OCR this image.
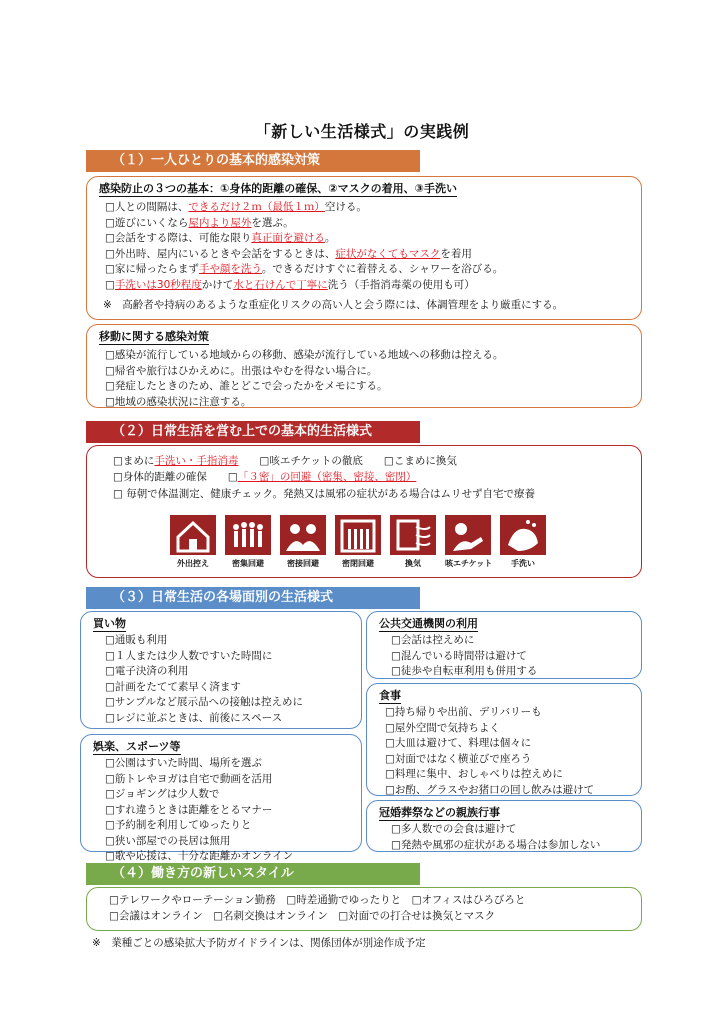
「新しい生活様式」の実践例
（１）一人ひとりの基本的感染対策
感染防止の３つの基本：①身体的距離の確保、②マスクの着用、③手洗い
□人との間隔は、できるだけ２ｍ（最低１ｍ）空ける。
□遊びにいくなら屋内より屋外を選ぶ。
□会話をする際は、可能な限り真正面を避ける。
□外出時、屋内にいるときや会話をするときは、症状がなくてもマスクを着用
□家に帰ったらまず手や顔を洗う。できるだけすぐに着替える、シャワーを浴びる。
□手洗いは30秒程度かけて水と石けんで丁寧に洗う（手指消毒薬の使用も可）
※　高齢者や持病のあるような重症化リスクの高い人と会う際には、体調管理をより厳重にする。
移動に関する感染対策
□感染が流行している地域からの移動、感染が流行している地域への移動は控える。
□帰省や旅行はひかえめに。出張はやむを得ない場合に。
□発症したときのため、誰とどこで会ったかをメモにする。
□地域の感染状況に注意する。
（２）日常生活を営む上での基本的生活様式
□まめに手洗い・手指消毒　　□咳エチケットの徹底　　□こまめに換気
□身体的距離の確保　　□「３密」の回避（密集、密接、密閉）
□ 毎朝で体温測定、健康チェック。発熱又は風邪の症状がある場合はムリせず自宅で療養
外出控え	密集回避	密接回避	密閉回避	換気	咳エチケット	手洗い
（３）日常生活の各場面別の生活様式
買い物
□通販も利用
□１人または少人数ですいた時間に
□電子決済の利用
□計画をたてて素早く済ます
□サンプルなど展示品への接触は控えめに
□レジに並ぶときは、前後にスペース
娯楽、スポーツ等
□公園はすいた時間、場所を選ぶ
□筋トレやヨガは自宅で動画を活用
□ジョギングは少人数で
□すれ違うときは距離をとるマナー
□予約制を利用してゆったりと
□狭い部屋での長居は無用
□歌や応援は、十分な距離かオンライン
公共交通機関の利用
□会話は控えめに
□混んでいる時間帯は避けて
□徒歩や自転車利用も併用する
食事
□持ち帰りや出前、デリバリーも
□屋外空間で気持ちよく
□大皿は避けて、料理は個々に
□対面ではなく横並びで座ろう
□料理に集中、おしゃべりは控えめに
□お酌、グラスやお猪口の回し飲みは避けて
冠婚葬祭などの親族行事
□多人数での会食は避けて
□発熱や風邪の症状がある場合は参加しない
（４）働き方の新しいスタイル
□テレワークやローテーション勤務　□時差通勤でゆったりと　□オフィスはひろびろと
□会議はオンライン　□名刺交換はオンライン　□対面での打合せは換気とマスク
※　業種ごとの感染拡大予防ガイドラインは、関係団体が別途作成予定
